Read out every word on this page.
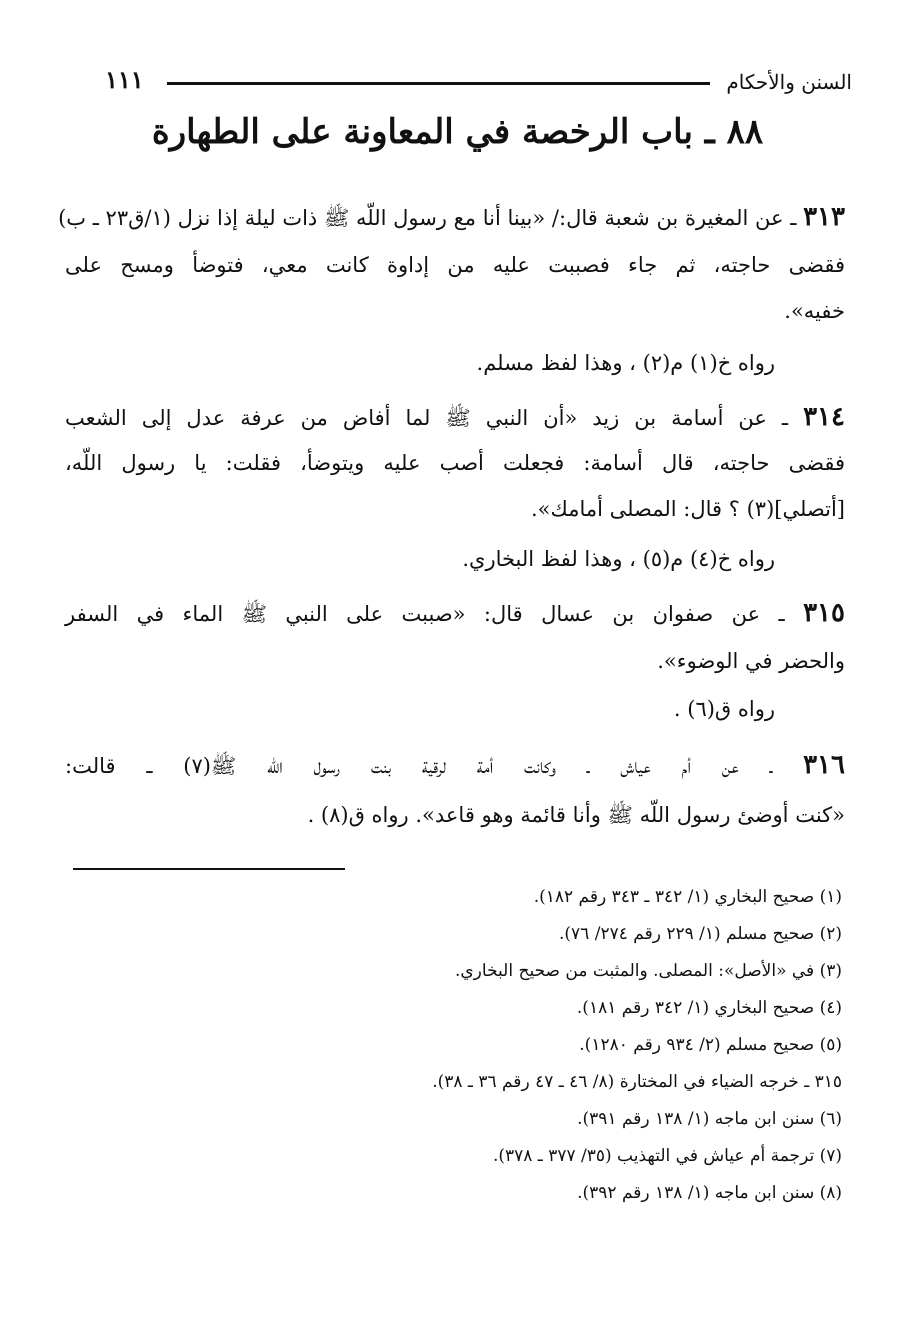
السنن والأحكام
١١١
٨٨ ـ باب الرخصة في المعاونة على الطهارة
٣١٣ ـ عن المغيرة بن شعبة قال:/ «بينا أنا مع رسول اللّه ﷺ ذات ليلة إذا نزل (١/ق٢٣ ـ ب)
فقضى حاجته، ثم جاء فصببت عليه من إداوة كانت معي، فتوضأ ومسح على
خفيه».
رواه خ(١) م(٢) ، وهذا لفظ مسلم.
٣١٤ ـ عن أسامة بن زيد «أن النبي ﷺ لما أفاض من عرفة عدل إلى الشعب
فقضى حاجته، قال أسامة: فجعلت أصب عليه ويتوضأ، فقلت: يا رسول اللّه،
[أتصلي](٣) ؟ قال: المصلى أمامك».
رواه خ(٤) م(٥) ، وهذا لفظ البخاري.
٣١٥ ـ عن صفوان بن عسال قال: «صببت على النبي ﷺ الماء في السفر
والحضر في الوضوء».
رواه ق(٦) .
٣١٦ ـ عن أم عياش ـ وكانت أمة لرقية بنت رسول اللّه ﷺ(٧) ـ قالت:
«كنت أوضئ رسول اللّه ﷺ وأنا قائمة وهو قاعد». رواه ق(٨) .
(١) صحيح البخاري (١/ ٣٤٢ ـ ٣٤٣ رقم ١٨٢).
(٢) صحيح مسلم (١/ ٢٢٩ رقم ٢٧٤/ ٧٦).
(٣) في «الأصل»: المصلى. والمثبت من صحيح البخاري.
(٤) صحيح البخاري (١/ ٣٤٢ رقم ١٨١).
(٥) صحيح مسلم (٢/ ٩٣٤ رقم ١٢٨٠).
٣١٥ ـ خرجه الضياء في المختارة (٨/ ٤٦ ـ ٤٧ رقم ٣٦ ـ ٣٨).
(٦) سنن ابن ماجه (١/ ١٣٨ رقم ٣٩١).
(٧) ترجمة أم عياش في التهذيب (٣٥/ ٣٧٧ ـ ٣٧٨).
(٨) سنن ابن ماجه (١/ ١٣٨ رقم ٣٩٢).
